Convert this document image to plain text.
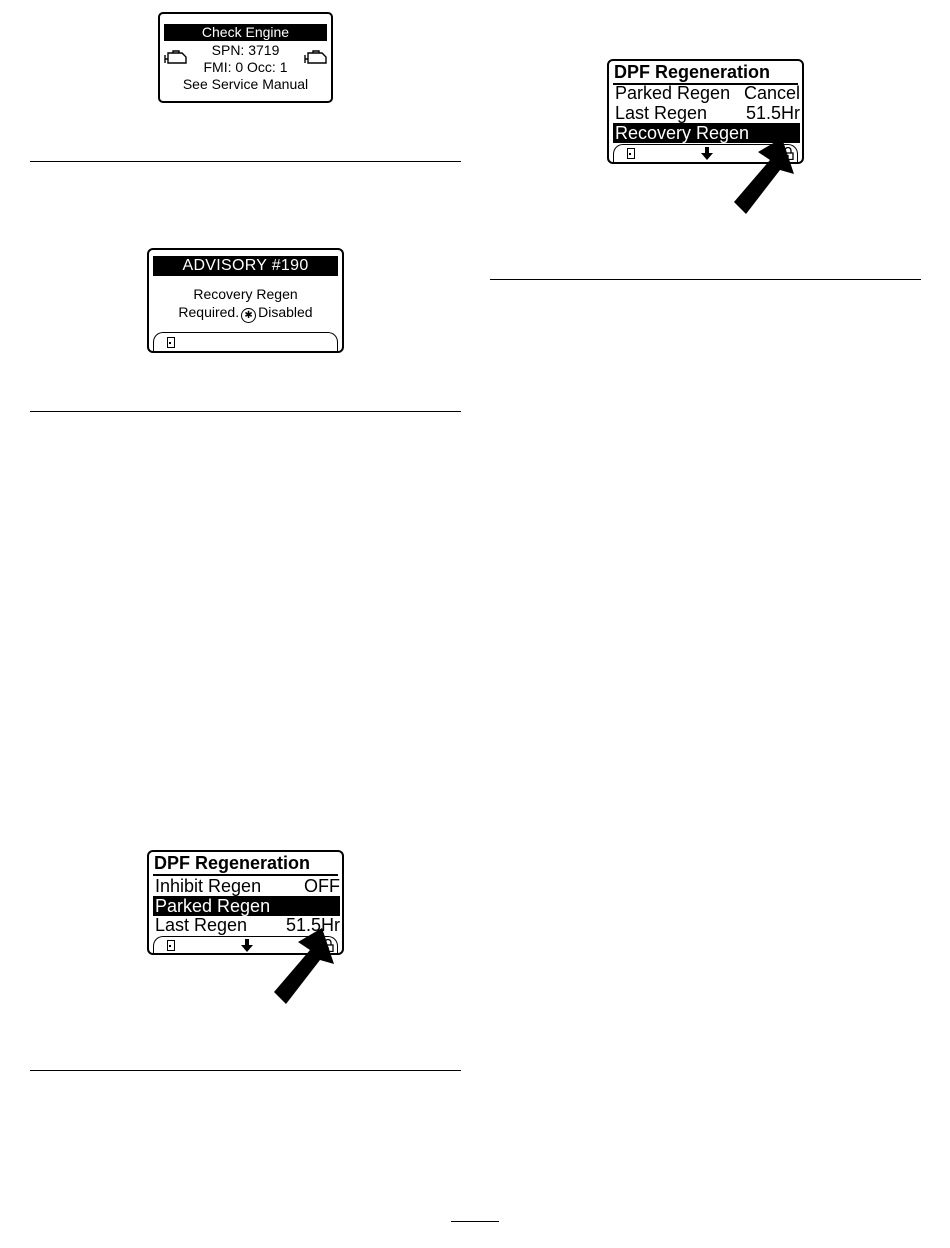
Check Engine
SPN: 3719
FMI: 0 Occ: 1
See Service Manual
ADVISORY #190
Recovery Regen
Required. ✱ Disabled
DPF Regeneration
Inhibit Regen OFF
Parked Regen
Last Regen 51.5Hr
DPF Regeneration
Parked Regen Cancel
Last Regen 51.5Hr
Recovery Regen
